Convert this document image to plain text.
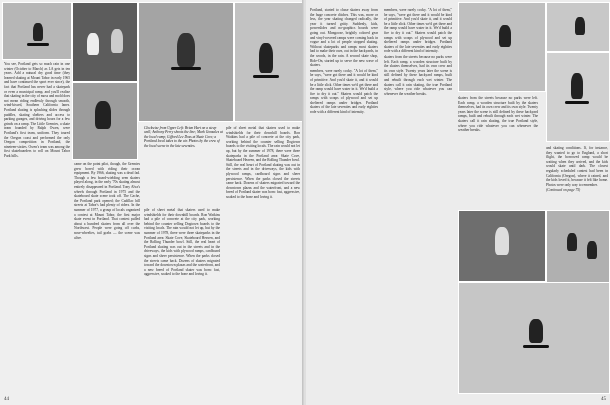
You see, Portland gets so much rain in one winter (October to March) as LA gets in ten years. Add a natural dry good time (they learned skating at Mount Tabor in early 1965 and have continued the sport ever since), the fact that Portland has never had a skatepark or even a municipal ramp, and you'll realize that skating in the city of moss and mold does not mean riding endlessly through smooth, wind-kissed, Southern California lanes. Portland skating is splashing slides through puddles, skating shelters and access to parking garages, and driving hours for a few grinds on a ramp. The Little Gremies, a skate team founded by Ralph Owen, were Portland's first team, uniform. They toured the Oregon coast and performed the only Oregon competition in Portland, the nineteen-sixties. Owen's team was among the first skateboarders to roll on Mount Tabor Park hills.

came on the point pilot, though, the Gremies grew bored with riding their ocean equipment. By 1966, skating was a dead fad. Though a few board-wielding seen skaters played along, in the early '70s skating almost entirely disappeared in Portland. Tony Alva's wheels through Portland in 1975 and the skateboard skate scene took off. The Cache, the Portland park opened; the Cadillac hill streets at Tabor's had plenty of riders. In the summer of 1977, a group of locals organized a contest at Mount Tabor, the first major skate event in Portland. That contest pulled about a hundred skaters from all over the Northwest. People were going off curbs, nose-wheelies, tail grabs — the scene was alive.

Clockwise from Upper Left: Brian Hart on a steep wall; Anthony Perry shoots the line; Mark Gonzales at the local ramp; Gifford Lee Doss at Skate Cove; a Portland local takes to the air. Photos by the crew of the local scene in the late seventies.

pile of sheet metal that skaters used to make windshields for their downhill boards. Ron Watkins had a pile of concrete at the city park, working behind the counter selling Dogtown boards to the visiting locals. The rain would not let up, but by the summer of 1978, there were three skateparks in the Portland area: Skate Cove, Skateboard Heaven, and the Rolling Thunder bowl. Still, the real heart of Portland skating was out in the streets and in the driveways, the kids with plywood ramps, cardboard signs and sheer persistence. When the parks closed the streets came back. Dozens of skaters migrated toward the downtown plazas and the waterfront, and a new breed of Portland skater was born: fast, aggressive, soaked to the bone and loving it.

pile of sheet metal that skaters used to make windshields for their downhill boards. Ron Watkins had a pile of concrete at the city park, working behind the counter selling Dogtown boards to the visiting locals. The rain would not let up, but by the summer of 1978, there were three skateparks in the Portland area: Skate Cove, Skateboard Heaven, and the Rolling Thunder bowl. Still, the real heart of Portland skating was out in the streets and in the driveways, the kids with plywood ramps, cardboard signs and sheer persistence. When the parks closed the streets came back. Dozens of skaters migrated toward the downtown plazas and the waterfront, and a new breed of Portland skater was born: fast, aggressive, soaked to the bone and loving it.

44

Portland, started to chase skaters away from the huge concrete ditches. This was, more or less, the year skating changed radically, the year it turned gritty. Suddenly, kids, powerslides and no-graphics boards were going out. Mongoose, brightly colored gear and vinyl-covered ramps were coming back in vogue and a lot of people stopped skating. Without skateparks and ramps most skaters had to make their own, out in the backyards, in the woods, in the rain. A second skate shop, Ride-On, started up to serve the new wave of skaters.

members, were rarely cocky. "A lot of them," he says, "were got there and it would be kind of primitive. And you'd skate it, and it would be a little slick. Other times we'd get there and the ramp would have water in it. We'd build a fire to dry it out." Skaters would patch the ramps with scraps of plywood and set up sheltered ramps under bridges. Portland skaters of the late seventies and early eighties rode with a different kind of intensity.

members, were rarely cocky. "A lot of them," he says, "were got there and it would be kind of primitive. And you'd skate it, and it would be a little slick. Other times we'd get there and the ramp would have water in it. We'd build a fire to dry it out." Skaters would patch the ramps with scraps of plywood and set up sheltered ramps under bridges. Portland skaters of the late seventies and early eighties rode with a different kind of intensity.

skaters from the streets because no parks were left. Each ramp, a wooden structure built by the skaters themselves, had its own crew and its own style. Twenty years later the scene is still defined by these backyard ramps, built and rebuilt through each wet winter. The skaters call it rain skating, the true Portland style, where you ride whatever you can whenever the weather breaks.

skaters from the streets because no parks were left. Each ramp, a wooden structure built by the skaters themselves, had its own crew and its own style. Twenty years later the scene is still defined by these backyard ramps, built and rebuilt through each wet winter. The skaters call it rain skating, the true Portland style, where you ride whatever you can whenever the weather breaks.

and skating conditions. If, for instance, they wanted to go to England, a short flight, the borrowed ramp would be waiting when they arrived, and the kids would skate until dark. The closest regularly scheduled contest had been in California (Oregon), where it rained, and the kids loved it, because it felt like home. Photos were only way to remember.

(Continued on page 75)

45
